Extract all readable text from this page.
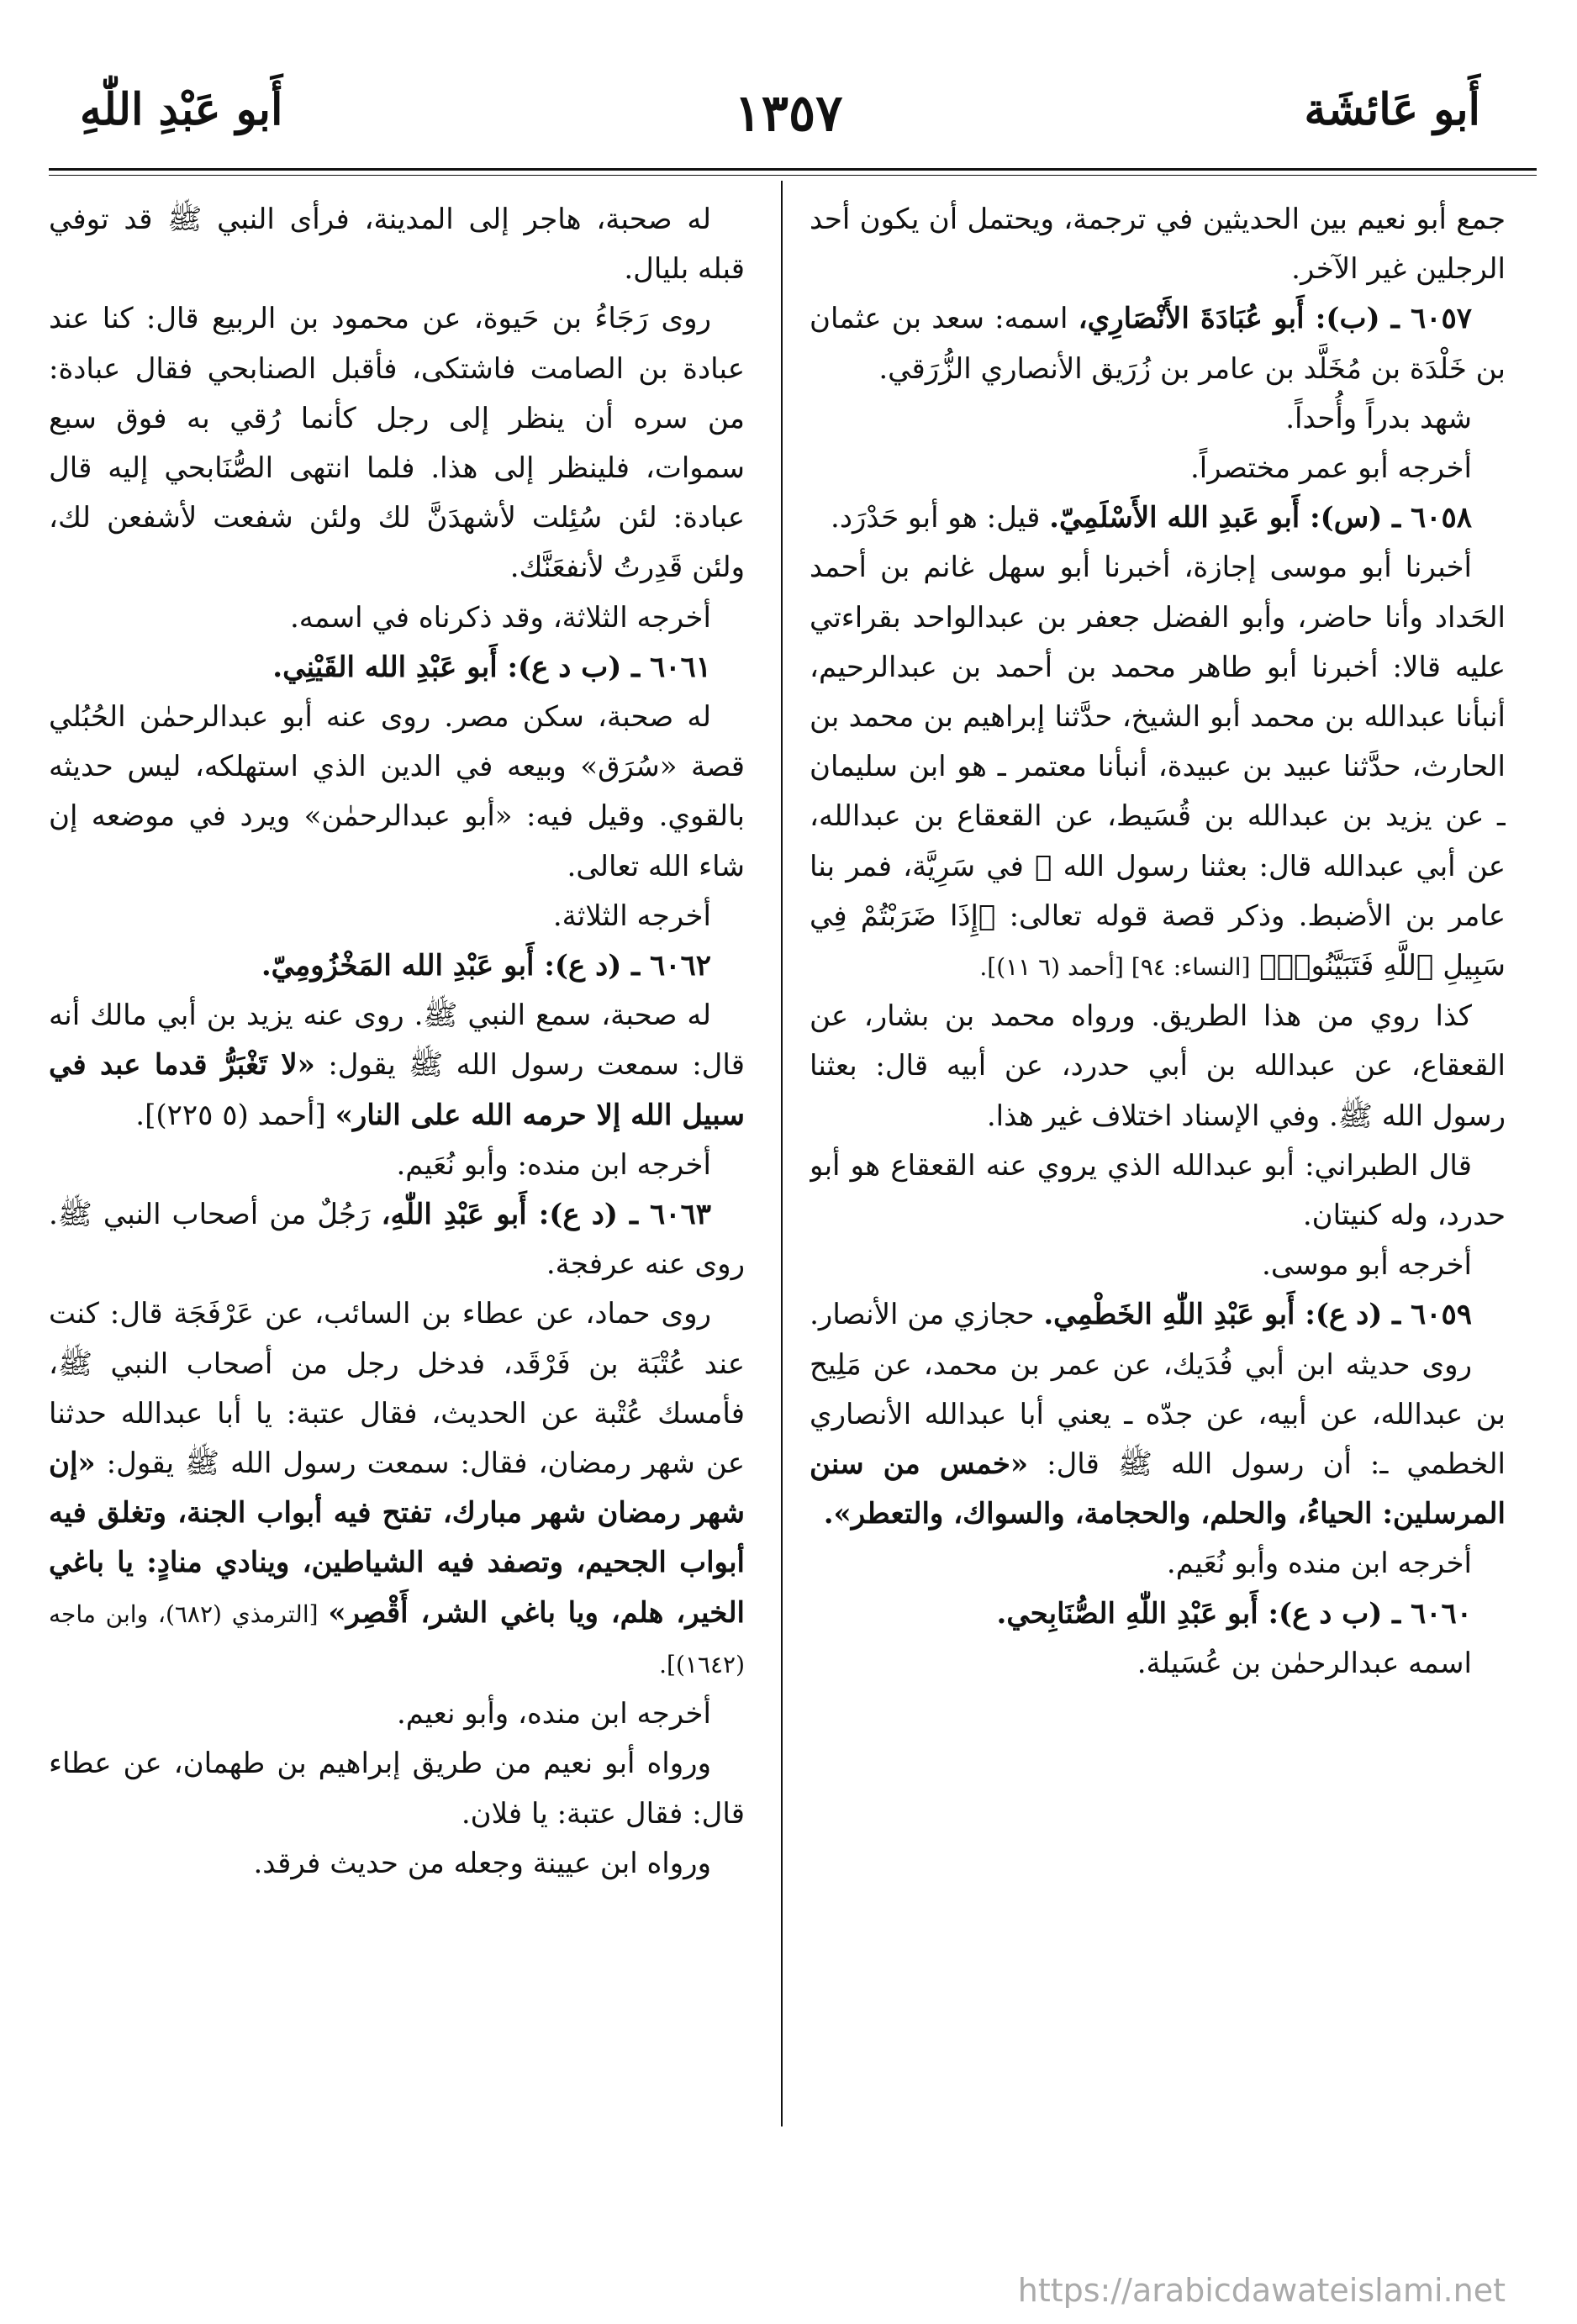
أَبو عَائشَة
١٣٥٧
أَبو عَبْدِ اللّٰهِ

جمع أبو نعيم بين الحديثين في ترجمة، ويحتمل أن يكون أحد الرجلين غير الآخر.

٦٠٥٧ ـ (ب): أَبو عُبَادَةَ الأَنْصَارِي، اسمه: سعد بن عثمان بن خَلْدَة بن مُخَلَّد بن عامر بن زُرَيق الأنصاري الزُّرَقي.

شهد بدراً وأُحداً.

أخرجه أبو عمر مختصراً.

٦٠٥٨ ـ (س): أَبو عَبدِ الله الأَسْلَمِيّ. قيل: هو أبو حَدْرَد.

أخبرنا أبو موسى إجازة، أخبرنا أبو سهل غانم بن أحمد الحَداد وأنا حاضر، وأبو الفضل جعفر بن عبدالواحد بقراءتي عليه قالا: أخبرنا أبو طاهر محمد بن أحمد بن عبدالرحيم، أنبأنا عبدالله بن محمد أبو الشيخ، حدَّثنا إبراهيم بن محمد بن الحارث، حدَّثنا عبيد بن عبيدة، أنبأنا معتمر ـ هو ابن سليمان ـ عن يزيد بن عبدالله بن قُسَيط، عن القعقاع بن عبدالله، عن أبي عبدالله قال: بعثنا رسول الله ﷺ في سَرِيَّة، فمر بنا عامر بن الأضبط. وذكر قصة قوله تعالى: ﴿إِذَا ضَرَبْتُمْ فِي سَبِيلِ ٱللَّهِ فَتَبَيَّنُوا۟﴾ [النساء: ٩٤] [أحمد (٦ ١١)].

كذا روي من هذا الطريق. ورواه محمد بن بشار، عن القعقاع، عن عبدالله بن أبي حدرد، عن أبيه قال: بعثنا رسول الله ﷺ. وفي الإسناد اختلاف غير هذا.

قال الطبراني: أبو عبدالله الذي يروي عنه القعقاع هو أبو حدرد، وله كنيتان.

أخرجه أبو موسى.

٦٠٥٩ ـ (د ع): أَبو عَبْدِ اللّٰهِ الخَطْمِي. حجازي من الأنصار.

روى حديثه ابن أبي فُدَيك، عن عمر بن محمد، عن مَلِيح بن عبدالله، عن أبيه، عن جدّه ـ يعني أبا عبدالله الأنصاري الخطمي ـ: أن رسول الله ﷺ قال: «خمس من سنن المرسلين: الحياءُ، والحلم، والحجامة، والسواك، والتعطر».

أخرجه ابن منده وأبو نُعَيم.

٦٠٦٠ ـ (ب د ع): أَبو عَبْدِ اللّٰهِ الصُّنَابِحي.

اسمه عبدالرحمٰن بن عُسَيلة.

له صحبة، هاجر إلى المدينة، فرأى النبي ﷺ قد توفي قبله بليال.

روى رَجَاءُ بن حَيوة، عن محمود بن الربيع قال: كنا عند عبادة بن الصامت فاشتكى، فأقبل الصنابحي فقال عبادة: من سره أن ينظر إلى رجل كأنما رُقي به فوق سبع سموات، فلينظر إلى هذا. فلما انتهى الصُّنَابحي إليه قال عبادة: لئن سُئِلت لأشهدَنَّ لك ولئن شفعت لأشفعن لك، ولئن قَدِرتُ لأنفعَنَّك.

أخرجه الثلاثة، وقد ذكرناه في اسمه.

٦٠٦١ ـ (ب د ع): أَبو عَبْدِ الله القَيْنِي.

له صحبة، سكن مصر. روى عنه أبو عبدالرحمٰن الحُبُلي قصة «سُرَق» وبيعه في الدين الذي استهلكه، ليس حديثه بالقوي. وقيل فيه: «أبو عبدالرحمٰن» ويرد في موضعه إن شاء الله تعالى.

أخرجه الثلاثة.

٦٠٦٢ ـ (د ع): أَبو عَبْدِ الله المَخْزُومِيّ.

له صحبة، سمع النبي ﷺ. روى عنه يزيد بن أبي مالك أنه قال: سمعت رسول الله ﷺ يقول: «لا تَغْبَرُّ قدما عبد في سبيل الله إلا حرمه الله على النار» [أحمد (٥ ٢٢٥)].

أخرجه ابن منده: وأبو نُعَيم.

٦٠٦٣ ـ (د ع): أَبو عَبْدِ اللّٰهِ، رَجُلٌ من أصحاب النبي ﷺ. روى عنه عرفجة.

روى حماد، عن عطاء بن السائب، عن عَرْفَجَة قال: كنت عند عُتْبَة بن فَرْقَد، فدخل رجل من أصحاب النبي ﷺ، فأمسك عُتْبة عن الحديث، فقال عتبة: يا أبا عبدالله حدثنا عن شهر رمضان، فقال: سمعت رسول الله ﷺ يقول: «إن شهر رمضان شهر مبارك، تفتح فيه أبواب الجنة، وتغلق فيه أبواب الجحيم، وتصفد فيه الشياطين، وينادي منادٍ: يا باغي الخير، هلم، ويا باغي الشر، أَقْصِر» [الترمذي (٦٨٢)، وابن ماجه (١٦٤٢)].

أخرجه ابن منده، وأبو نعيم.

ورواه أبو نعيم من طريق إبراهيم بن طهمان، عن عطاء قال: فقال عتبة: يا فلان.

ورواه ابن عيينة وجعله من حديث فرقد.

https://arabicdawateislami.net
